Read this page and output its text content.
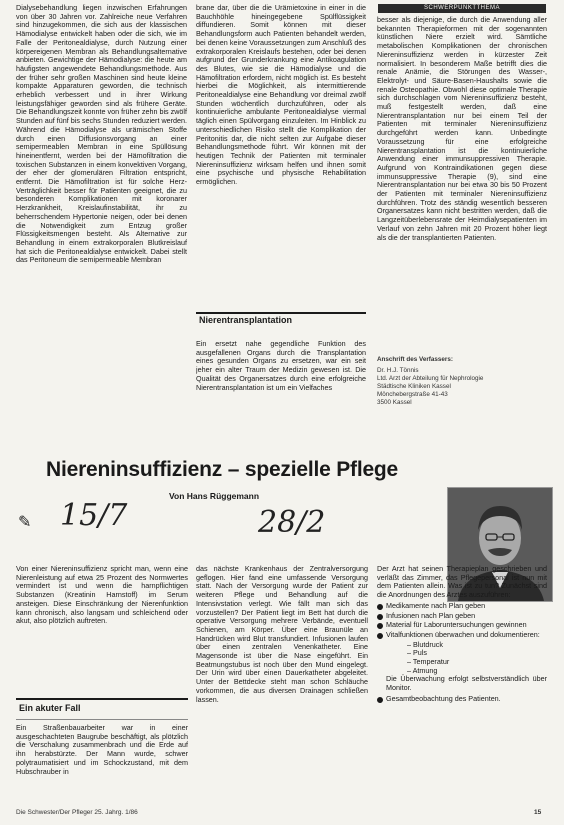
SCHWERPUNKTTHEMA

Dialysebehandlung liegen inzwischen Erfahrungen von über 30 Jahren vor. Zahlreiche neue Verfahren sind hinzugekommen, die sich aus der klassischen Hämodialyse entwickelt haben oder die sich, wie im Falle der Peritonealdialyse, durch Nutzung einer körpereigenen Membran als Behandlungsalternative anbieten. Gewichtige der Hämodialyse: die heute am häufigsten angewendete Behandlungsmethode. Aus der früher sehr großen Maschinen sind heute kleine kompakte Apparaturen geworden, die technisch erheblich verbessert und in ihrer Wirkung leistungsfähiger geworden sind als frühere Geräte. Die Behandlungszeit konnte von früher zehn bis zwölf Stunden auf fünf bis sechs Stunden reduziert werden. Während die Hämodialyse als urämischen Stoffe durch einen Diffusionsvorgang an einer semipermeablen Membran in eine Spüllösung hineinentfernt, werden bei der Hämofiltration die toxischen Substanzen in einem konvektiven Vorgang, der eher der glomerulären Filtration entspricht, entfernt. Die Hämofiltration ist für solche Herz-Verträglichkeit besser für Patienten geeignet, die zu besonderen Komplikationen mit koronarer Herzkrankheit, Kreislaufinstabilität, ihr zu beherrschendem Hypertonie neigen, oder bei denen die Notwendigkeit zum Entzug großer Flüssigkeitsmengen besteht. Als Alternative zur Behandlung in einem extrakorporalen Blutkreislauf hat sich die Peritonealdialyse entwickelt. Dabei stellt das Peritoneum die semipermeable Membran

brane dar, über die die Urämietoxine in einer in die Bauchhöhle hineingegebene Spülflüssigkeit diffundieren. Somit können mit dieser Behandlungsform auch Patienten behandelt werden, bei denen keine Voraussetzungen zum Anschluß des extrakorporalen Kreislaufs bestehen, oder bei denen aufgrund der Grunderkrankung eine Antikoagulation des Blutes, wie sie die Hämodialyse und die Hämofiltration erfordern, nicht möglich ist. Es besteht hierbei die Möglichkeit, als intermittierende Peritonealdialyse eine Behandlung vor dreimal zwölf Stunden wöchentlich durchzuführen, oder als kontinuierliche ambulante Peritonealdialyse viermal täglich einen Spülvorgang einzuleiten. Im Hinblick zu unterschiedlichen Risiko stellt die Komplikation der Peritonitis dar, die nicht selten zur Aufgabe dieser Behandlungsmethode führt. Wir können mit der heutigen Technik der Patienten mit terminaler Niereninsuffizienz wirksam helfen und ihnen somit eine psychische und physische Rehabilitation ermöglichen.

Nierentransplantation

Ein ersetzt nahe gegendliche Funktion des ausgefallenen Organs durch die Transplantation eines gesunden Organs zu ersetzen, war ein seit jeher ein alter Traum der Medizin gewesen ist. Die Qualität des Organersatzes durch eine erfolgreiche Nierentransplantation ist um ein Vielfaches

besser als diejenige, die durch die Anwendung aller bekannten Therapieformen mit der sogenannten künstlichen Niere erzielt wird. Sämtliche metabolischen Komplikationen der chronischen Niereninsuffizienz werden in kürzester Zeit normalisiert. In besonderem Maße betrifft dies die renale Anämie, die Störungen des Wasser-, Elektrolyt- und Säure-Basen-Haushalts sowie die renale Osteopathie. Obwohl diese optimale Therapie sich durchschlagen vom Niereninsuffizienz besteht, muß festgestellt werden, daß eine Nierentransplantation nur bei einem Teil der Patienten mit terminaler Niereninsuffizienz durchgeführt werden kann. Unbedingte Voraussetzung für eine erfolgreiche Nierentransplantation ist die kontinuierliche Anwendung einer immunsuppressiven Therapie. Aufgrund von Kontraindikationen gegen diese immunsuppressive Therapie (9), sind eine Nierentransplantation nur bei etwa 30 bis 50 Prozent der Patienten mit terminaler Niereninsuffizienz durchführen. Trotz des ständig wesentlich besseren Organersatzes kann nicht bestritten werden, daß die Langzeitüberlebensrate der Heimdialysepatienten im Verlauf von zehn Jahren mit 20 Prozent höher liegt als die der transplantierten Patienten.

Anschrift des Verfassers:
Dr. H.J. Tönnis
Ltd. Arzt der Abteilung für Nephrologie
Städtische Kliniken Kassel
Mönchebergstraße 41-43
3500 Kassel
Niereninsuffizienz – spezielle Pflege
Von Hans Rüggemann
✎ 15/7	28/2

Von einer Niereninsuffizienz spricht man, wenn eine Nierenleistung auf etwa 25 Prozent des Normwertes vermindert ist und wenn die harnpflichtigen Substanzen (Kreatinin Harnstoff) im Serum ansteigen. Diese Einschränkung der Nierenfunktion kann chronisch, also langsam und schleichend oder akut, also plötzlich auftreten.

Ein akuter Fall

Ein Straßenbauarbeiter war in einer ausgeschachteten Baugrube beschäftigt, als plötzlich die Verschalung zusammenbrach und die Erde auf ihn herabstürzte. Der Mann wurde, schwer polytraumatisiert und im Schockzustand, mit dem Hubschrauber in

das nächste Krankenhaus der Zentralversorgung geflogen. Hier fand eine umfassende Versorgung statt. Nach der Versorgung wurde der Patient zur weiteren Pflege und Behandlung auf die Intensivstation verlegt. Wie fällt man sich das vorzustellen? Der Patient liegt im Bett hat durch die operative Versorgung mehrere Verbände, eventuell Schienen, am Körper. Über eine Braunüle an Handrücken wird Blut transfundiert. Infusionen laufen über einen zentralen Venenkatheter. Eine Magensonde ist über die Nase eingeführt. Ein Beatmungstubus ist noch über den Mund eingelegt. Der Urin wird über einen Dauerkatheter abgeleitet. Unter der Bettdecke steht man schon Schläuche vorkommen, die aus diversen Drainagen schließen lassen.

Der Arzt hat seinen Therapieplan geschrieben und verläßt das Zimmer, das Pflegepersonal ist nun mit dem Patienten allein. Was ist zu tun? Zunächst sind die Anordnungen des Arztes auszuführen:

Medikamente nach Plan geben
Infusionen nach Plan geben
Material für Laboruntersuchungen gewinnen
Vitalfunktionen überwachen und dokumentieren:
– Blutdruck
– Puls
– Temperatur
– Atmung

Die Überwachung erfolgt selbstverständlich über Monitor.

Gesamtbeobachtung des Patienten.
Die Schwester/Der Pfleger 25. Jahrg. 1/86	15
